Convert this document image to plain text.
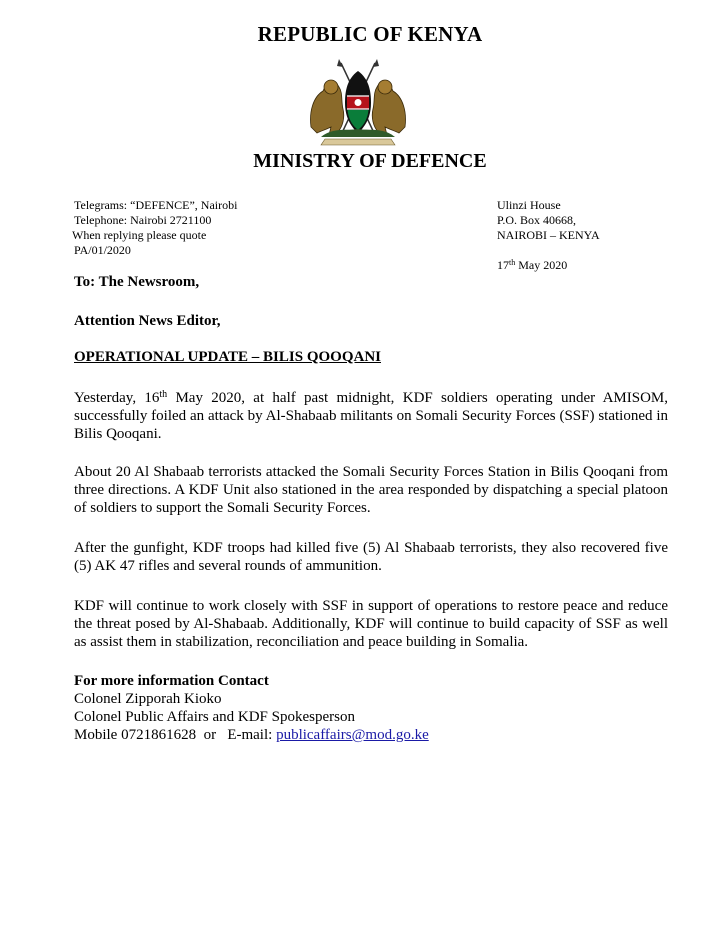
REPUBLIC OF KENYA
MINISTRY OF DEFENCE
Telegrams: “DEFENCE”, Nairobi
Telephone: Nairobi 2721100
When replying please quote
PA/01/2020
Ulinzi House
P.O. Box 40668,
NAIROBI – KENYA
17th May 2020
To: The Newsroom,
Attention News Editor,
OPERATIONAL UPDATE – BILIS QOOQANI
Yesterday, 16th May 2020, at half past midnight, KDF soldiers operating under AMISOM, successfully foiled an attack by Al-Shabaab militants on Somali Security Forces (SSF) stationed in Bilis Qooqani.
About 20 Al Shabaab terrorists attacked the Somali Security Forces Station in Bilis Qooqani from three directions. A KDF Unit also stationed in the area responded by dispatching a special platoon of soldiers to support the Somali Security Forces.
After the gunfight, KDF troops had killed five (5) Al Shabaab terrorists, they also recovered five (5) AK 47 rifles and several rounds of ammunition.
KDF will continue to work closely with SSF in support of operations to restore peace and reduce the threat posed by Al-Shabaab. Additionally, KDF will continue to build capacity of SSF as well as assist them in stabilization, reconciliation and peace building in Somalia.
For more information Contact
Colonel Zipporah Kioko
Colonel Public Affairs and KDF Spokesperson
Mobile 0721861628  or   E-mail: publicaffairs@mod.go.ke
